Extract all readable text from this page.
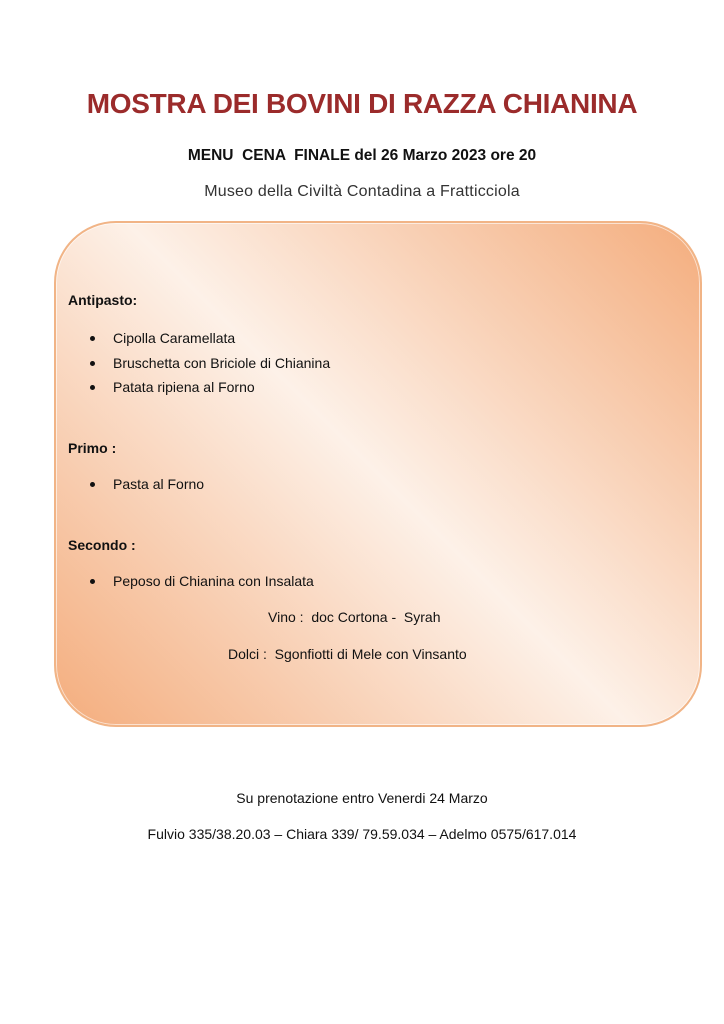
MOSTRA DEI BOVINI DI RAZZA CHIANINA
MENU  CENA  FINALE del 26 Marzo 2023 ore 20
Museo della Civiltà Contadina a Fratticciola
Antipasto:
Cipolla Caramellata
Bruschetta con Briciole di Chianina
Patata ripiena al Forno
Primo :
Pasta al Forno
Secondo :
Peposo di Chianina con Insalata
Vino :  doc Cortona -  Syrah
Dolci :  Sgonfiotti di Mele con Vinsanto
Su prenotazione entro Venerdi 24 Marzo
Fulvio 335/38.20.03 – Chiara 339/ 79.59.034 – Adelmo 0575/617.014
